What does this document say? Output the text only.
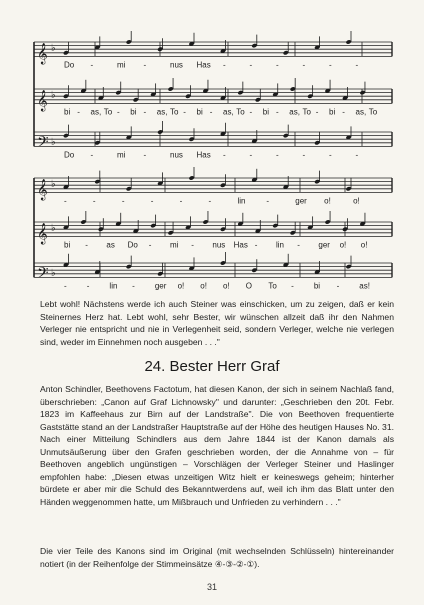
𝄞 ♭
𝄞 ♭
𝄢 ♭
𝄞 ♭
𝄞 ♭
𝄢 ♭
Do -	mi -	nus Has -	-	-	-	-	-
bi - as, To - bi - as, To - bi - as, To - bi - as, To - bi - as, To
Do -	mi -	nus Has -	-	-	-	-	-
-	-	-	-	-	-	lin	-	ger o!	o!
bi - as Do - mi - nus Has - lin - ger o! o!
-	-	lin -	ger o! o! o! O To -	bi -	as!

Lebt wohl! Nächstens werde ich auch Steiner was einschicken, um zu zeigen, daß er kein Steinernes Herz hat. Lebt wohl, sehr Bester, wir wünschen allzeit daß ihr den Nahmen Verleger nie entspricht und nie in Verlegenheit seid, sondern Verleger, welche nie verlegen sind, weder im Einnehmen noch ausgeben . . ."

24. Bester Herr Graf

Anton Schindler, Beethovens Factotum, hat diesen Kanon, der sich in seinem Nachlaß fand, überschrieben: „Canon auf Graf Lichnowsky" und darunter: „Geschrieben den 20t. Febr. 1823 im Kaffeehaus zur Birn auf der Landstraße". Die von Beethoven frequentierte Gaststätte stand an der Landstraßer Hauptstraße auf der Höhe des heutigen Hauses No. 31. Nach einer Mitteilung Schindlers aus dem Jahre 1844 ist der Kanon damals als Unmutsäußerung über den Grafen geschrieben worden, der die Annahme von – für Beethoven angeblich ungünstigen – Vorschlägen der Verleger Steiner und Haslinger empfohlen habe: „Diesen etwas unzeitigen Witz hielt er keineswegs geheim; hinterher bürdete er aber mir die Schuld des Bekanntwerdens auf, weil ich ihm das Blatt unter den Händen weggenommen hatte, um Mißbrauch und Unfrieden zu verhindern . . ."

Die vier Teile des Kanons sind im Original (mit wechselnden Schlüsseln) hintereinander notiert (in der Reihenfolge der Stimmeinsätze ④-③-②-①).

31
